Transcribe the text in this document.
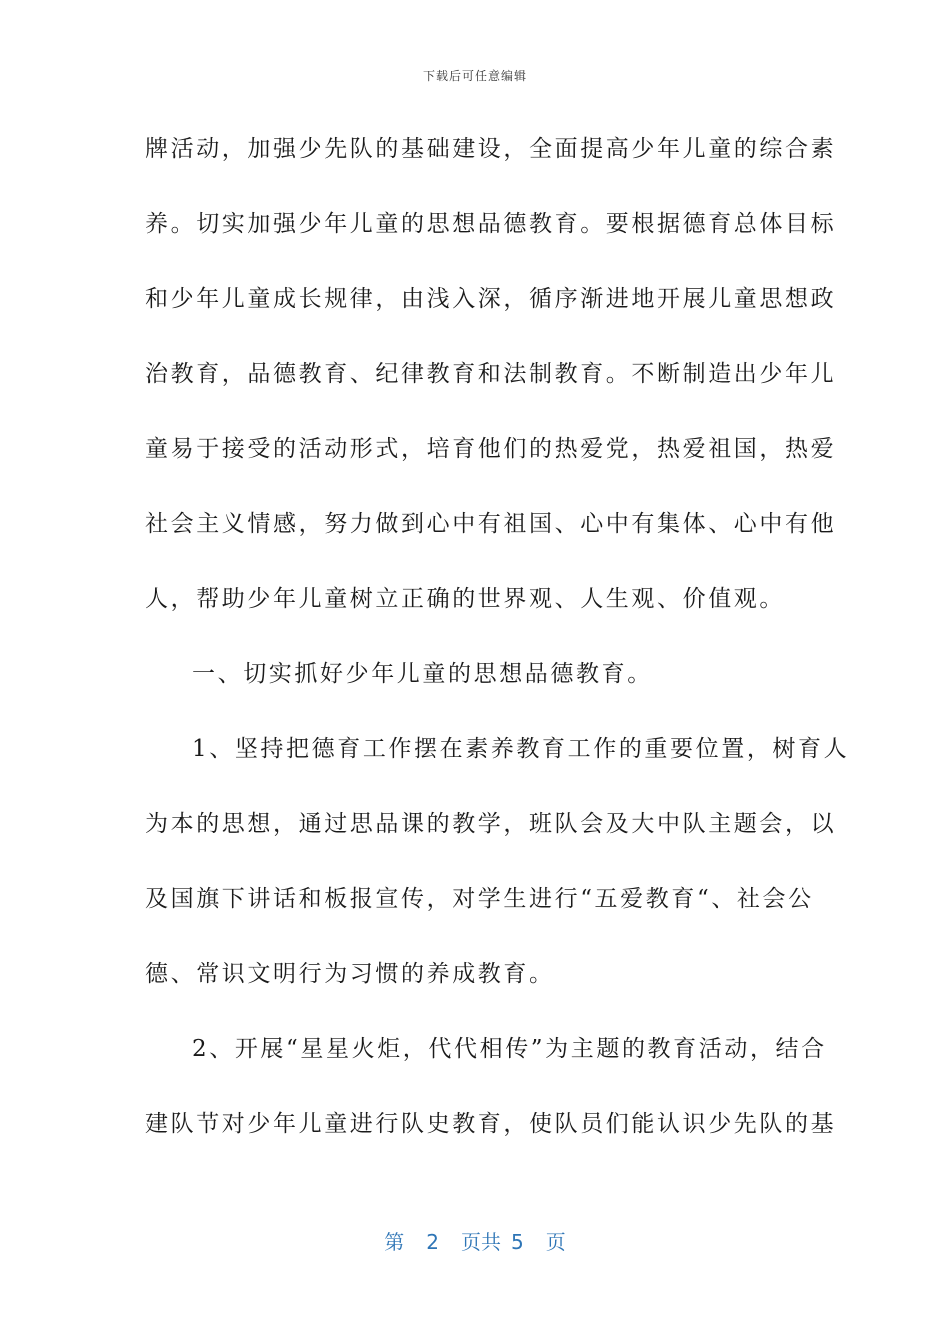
下载后可任意编辑
牌活动，加强少先队的基础建设，全面提高少年儿童的综合素
养。切实加强少年儿童的思想品德教育。要根据德育总体目标
和少年儿童成长规律，由浅入深，循序渐进地开展儿童思想政
治教育，品德教育、纪律教育和法制教育。不断制造出少年儿
童易于接受的活动形式，培育他们的热爱党，热爱祖国，热爱
社会主义情感，努力做到心中有祖国、心中有集体、心中有他
人，帮助少年儿童树立正确的世界观、人生观、价值观。
一、切实抓好少年儿童的思想品德教育。
1、坚持把德育工作摆在素养教育工作的重要位置，树育人
为本的思想，通过思品课的教学，班队会及大中队主题会，以
及国旗下讲话和板报宣传，对学生进行“五爱教育“、社会公
德、常识文明行为习惯的养成教育。
2、开展“星星火炬，代代相传”为主题的教育活动，结合
建队节对少年儿童进行队史教育，使队员们能认识少先队的基
第 2 页共 5 页
